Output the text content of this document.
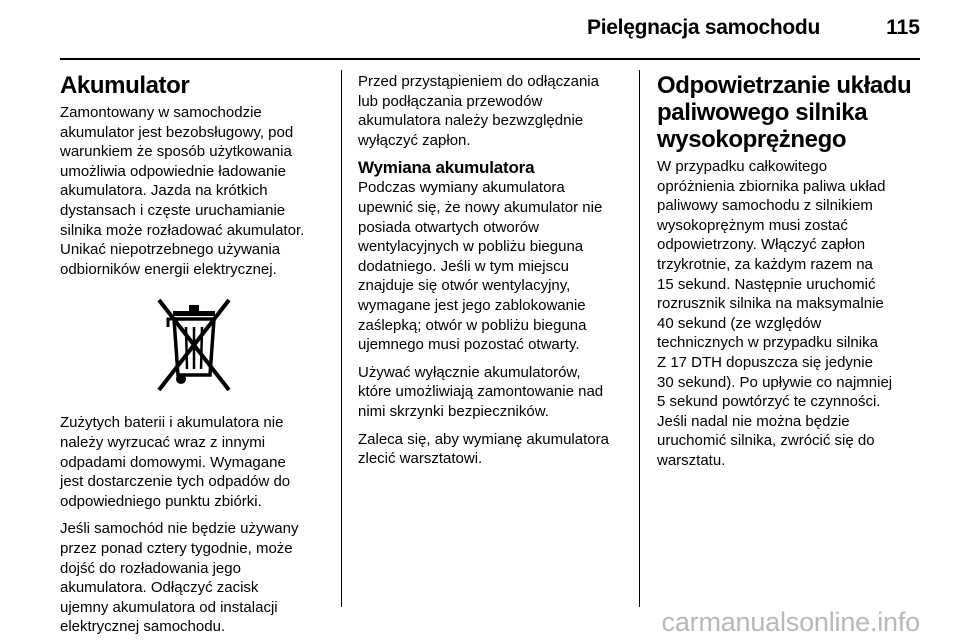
Pielęgnacja samochodu	115
Akumulator

Zamontowany w samochodzie
akumulator jest bezobsługowy, pod
warunkiem że sposób użytkowania
umożliwia odpowiednie ładowanie
akumulatora. Jazda na krótkich
dystansach i częste uruchamianie
silnika może rozładować akumulator.
Unikać niepotrzebnego używania
odbiorników energii elektrycznej.

Zużytych baterii i akumulatora nie
należy wyrzucać wraz z innymi
odpadami domowymi. Wymagane
jest dostarczenie tych odpadów do
odpowiedniego punktu zbiórki.

Jeśli samochód nie będzie używany
przez ponad cztery tygodnie, może
dojść do rozładowania jego
akumulatora. Odłączyć zacisk
ujemny akumulatora od instalacji
elektrycznej samochodu.

Przed przystąpieniem do odłączania
lub podłączania przewodów
akumulatora należy bezwzględnie
wyłączyć zapłon.

Wymiana akumulatora

Podczas wymiany akumulatora
upewnić się, że nowy akumulator nie
posiada otwartych otworów
wentylacyjnych w pobliżu bieguna
dodatniego. Jeśli w tym miejscu
znajduje się otwór wentylacyjny,
wymagane jest jego zablokowanie
zaślepką; otwór w pobliżu bieguna
ujemnego musi pozostać otwarty.

Używać wyłącznie akumulatorów,
które umożliwiają zamontowanie nad
nimi skrzynki bezpieczników.

Zaleca się, aby wymianę akumulatora
zlecić warsztatowi.

Odpowietrzanie układu
paliwowego silnika
wysokoprężnego

W przypadku całkowitego
opróżnienia zbiornika paliwa układ
paliwowy samochodu z silnikiem
wysokoprężnym musi zostać
odpowietrzony. Włączyć zapłon
trzykrotnie, za każdym razem na
15 sekund. Następnie uruchomić
rozrusznik silnika na maksymalnie
40 sekund (ze względów
technicznych w przypadku silnika
Z 17 DTH dopuszcza się jedynie
30 sekund). Po upływie co najmniej
5 sekund powtórzyć te czynności.
Jeśli nadal nie można będzie
uruchomić silnika, zwrócić się do
warsztatu.

carmanualsonline.info
